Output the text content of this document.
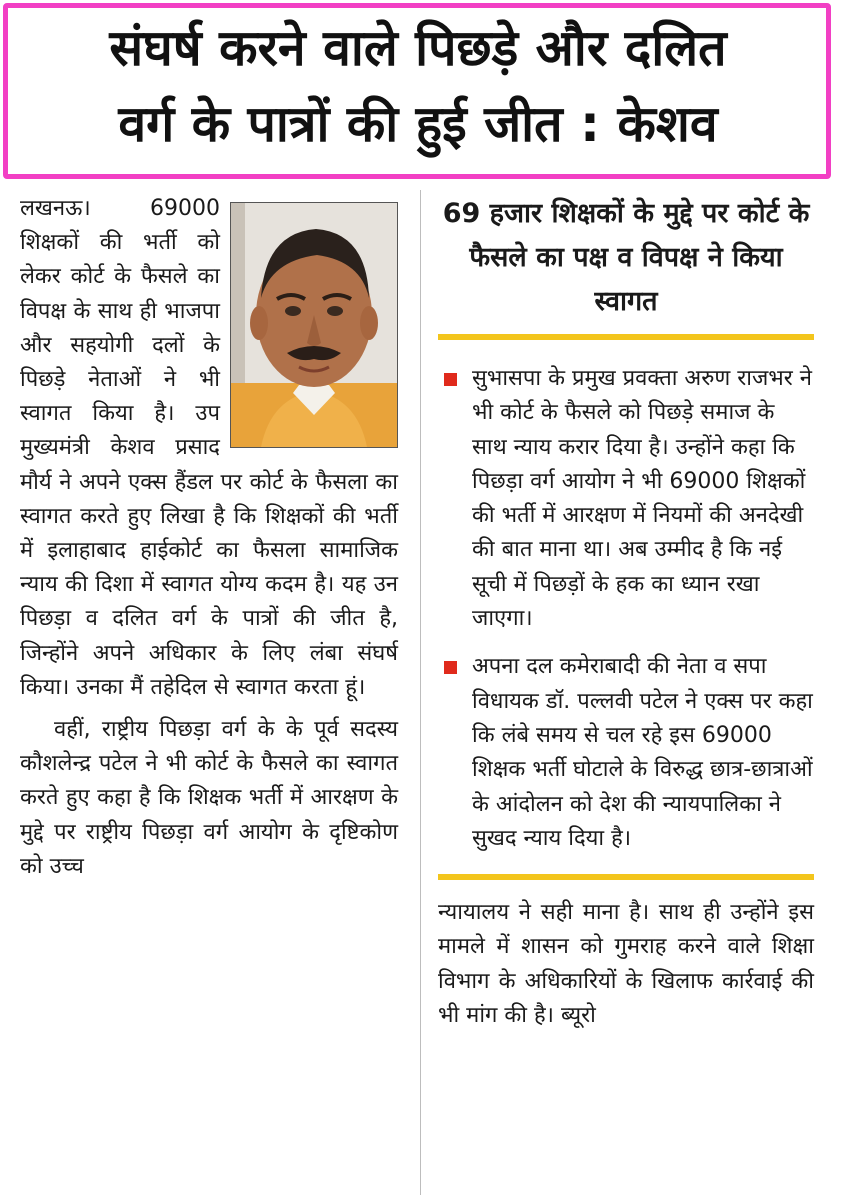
संघर्ष करने वाले पिछड़े और दलित
वर्ग के पात्रों की हुई जीत : केशव

लखनऊ। 69000 शिक्षकों की भर्ती को लेकर कोर्ट के फैसले का विपक्ष के साथ ही भाजपा और सहयोगी दलों के पिछड़े नेताओं ने भी स्वागत किया है। उप मुख्यमंत्री केशव प्रसाद मौर्य ने अपने एक्स हैंडल पर कोर्ट के फैसला का स्वागत करते हुए लिखा है कि शिक्षकों की भर्ती में इलाहाबाद हाईकोर्ट का फैसला सामाजिक न्याय की दिशा में स्वागत योग्य कदम है। यह उन पिछड़ा व दलित वर्ग के पात्रों की जीत है, जिन्होंने अपने अधिकार के लिए लंबा संघर्ष किया। उनका मैं तहेदिल से स्वागत करता हूं।

वहीं, राष्ट्रीय पिछड़ा वर्ग के के पूर्व सदस्य कौशलेन्द्र पटेल ने भी कोर्ट के फैसले का स्वागत करते हुए कहा है कि शिक्षक भर्ती में आरक्षण के मुद्दे पर राष्ट्रीय पिछड़ा वर्ग आयोग के दृष्टिकोण को उच्च

69 हजार शिक्षकों के मुद्दे पर कोर्ट के फैसले का पक्ष व विपक्ष ने किया स्वागत

सुभासपा के प्रमुख प्रवक्ता अरुण राजभर ने भी कोर्ट के फैसले को पिछड़े समाज के साथ न्याय करार दिया है। उन्होंने कहा कि पिछड़ा वर्ग आयोग ने भी 69000 शिक्षकों की भर्ती में आरक्षण में नियमों की अनदेखी की बात माना था। अब उम्मीद है कि नई सूची में पिछड़ों के हक का ध्यान रखा जाएगा।

अपना दल कमेराबादी की नेता व सपा विधायक डॉ. पल्लवी पटेल ने एक्स पर कहा कि लंबे समय से चल रहे इस 69000 शिक्षक भर्ती घोटाले के विरुद्ध छात्र-छात्राओं के आंदोलन को देश की न्यायपालिका ने सुखद न्याय दिया है।

न्यायालय ने सही माना है। साथ ही उन्होंने इस मामले में शासन को गुमराह करने वाले शिक्षा विभाग के अधिकारियों के खिलाफ कार्रवाई की भी मांग की है। ब्यूरो
